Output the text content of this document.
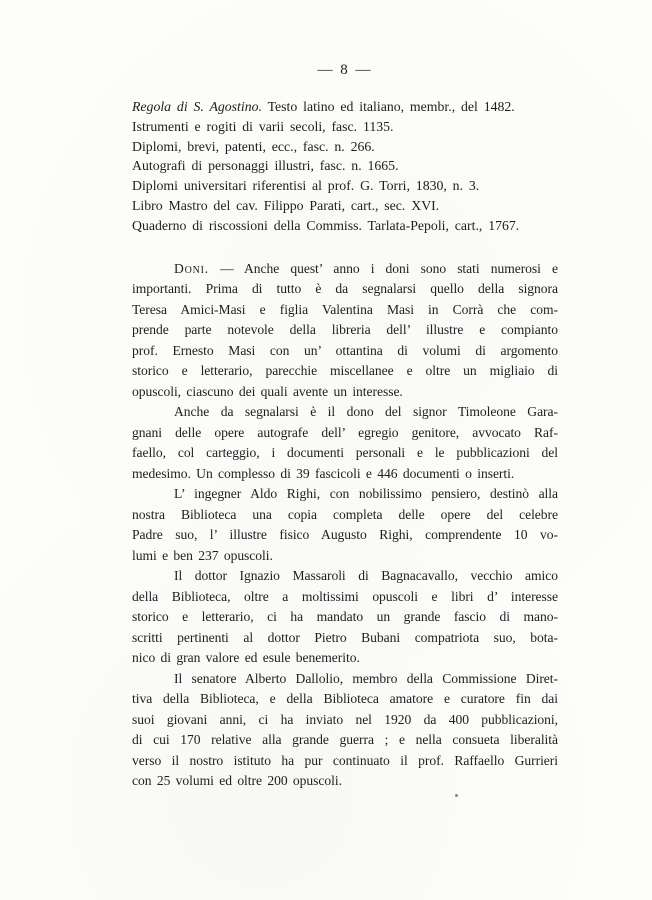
— 8 —
Regola di S. Agostino. Testo latino ed italiano, membr., del 1482.
Istrumenti e rogiti di varii secoli, fasc. 1135.
Diplomi, brevi, patenti, ecc., fasc. n. 266.
Autografi di personaggi illustri, fasc. n. 1665.
Diplomi universitari riferentisi al prof. G. Torri, 1830, n. 3.
Libro Mastro del cav. Filippo Parati, cart., sec. XVI.
Quaderno di riscossioni della Commiss. Tarlata-Pepoli, cart., 1767.
Doni. — Anche quest’ anno i doni sono stati numerosi e
importanti. Prima di tutto è da segnalarsi quello della signora
Teresa Amici-Masi e figlia Valentina Masi in Corrà che com-
prende parte notevole della libreria dell’ illustre e compianto
prof. Ernesto Masi con un’ ottantina di volumi di argomento
storico e letterario, parecchie miscellanee e oltre un migliaio di
opuscoli, ciascuno dei quali avente un interesse.
Anche da segnalarsi è il dono del signor Timoleone Gara-
gnani delle opere autografe dell’ egregio genitore, avvocato Raf-
faello, col carteggio, i documenti personali e le pubblicazioni del
medesimo. Un complesso di 39 fascicoli e 446 documenti o inserti.
L’ ingegner Aldo Righi, con nobilissimo pensiero, destinò alla
nostra Biblioteca una copia completa delle opere del celebre
Padre suo, l’ illustre fisico Augusto Righi, comprendente 10 vo-
lumi e ben 237 opuscoli.
Il dottor Ignazio Massaroli di Bagnacavallo, vecchio amico
della Biblioteca, oltre a moltissimi opuscoli e libri d’ interesse
storico e letterario, ci ha mandato un grande fascio di mano-
scritti pertinenti al dottor Pietro Bubani compatriota suo, bota-
nico di gran valore ed esule benemerito.
Il senatore Alberto Dallolio, membro della Commissione Diret-
tiva della Biblioteca, e della Biblioteca amatore e curatore fin dai
suoi giovani anni, ci ha inviato nel 1920 da 400 pubblicazioni,
di cui 170 relative alla grande guerra ; e nella consueta liberalità
verso il nostro istituto ha pur continuato il prof. Raffaello Gurrieri
con 25 volumi ed oltre 200 opuscoli.
